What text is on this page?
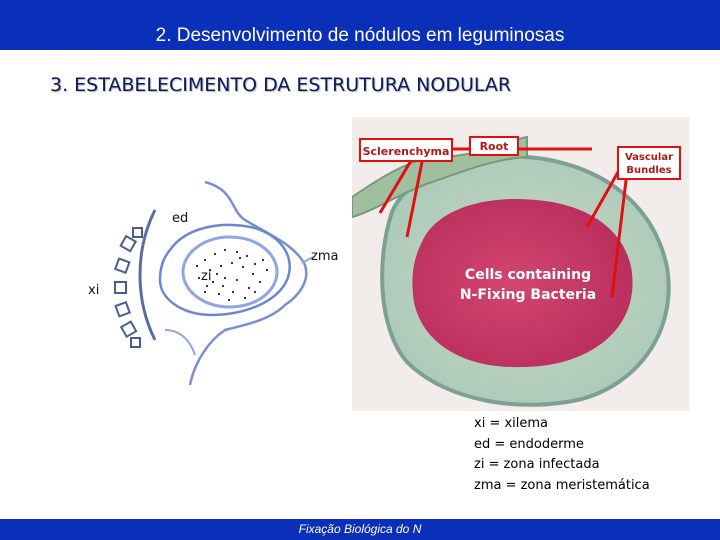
2. Desenvolvimento de nódulos em leguminosas
3. ESTABELECIMENTO DA ESTRUTURA NODULAR
ed
zma
zi
xi
Sclerenchyma	Root
Vascular
Bundles
Cells containing
N-Fixing Bacteria
xi = xilema
ed = endoderme
zi = zona infectada
zma = zona meristemática
Fixação Biológica do N
